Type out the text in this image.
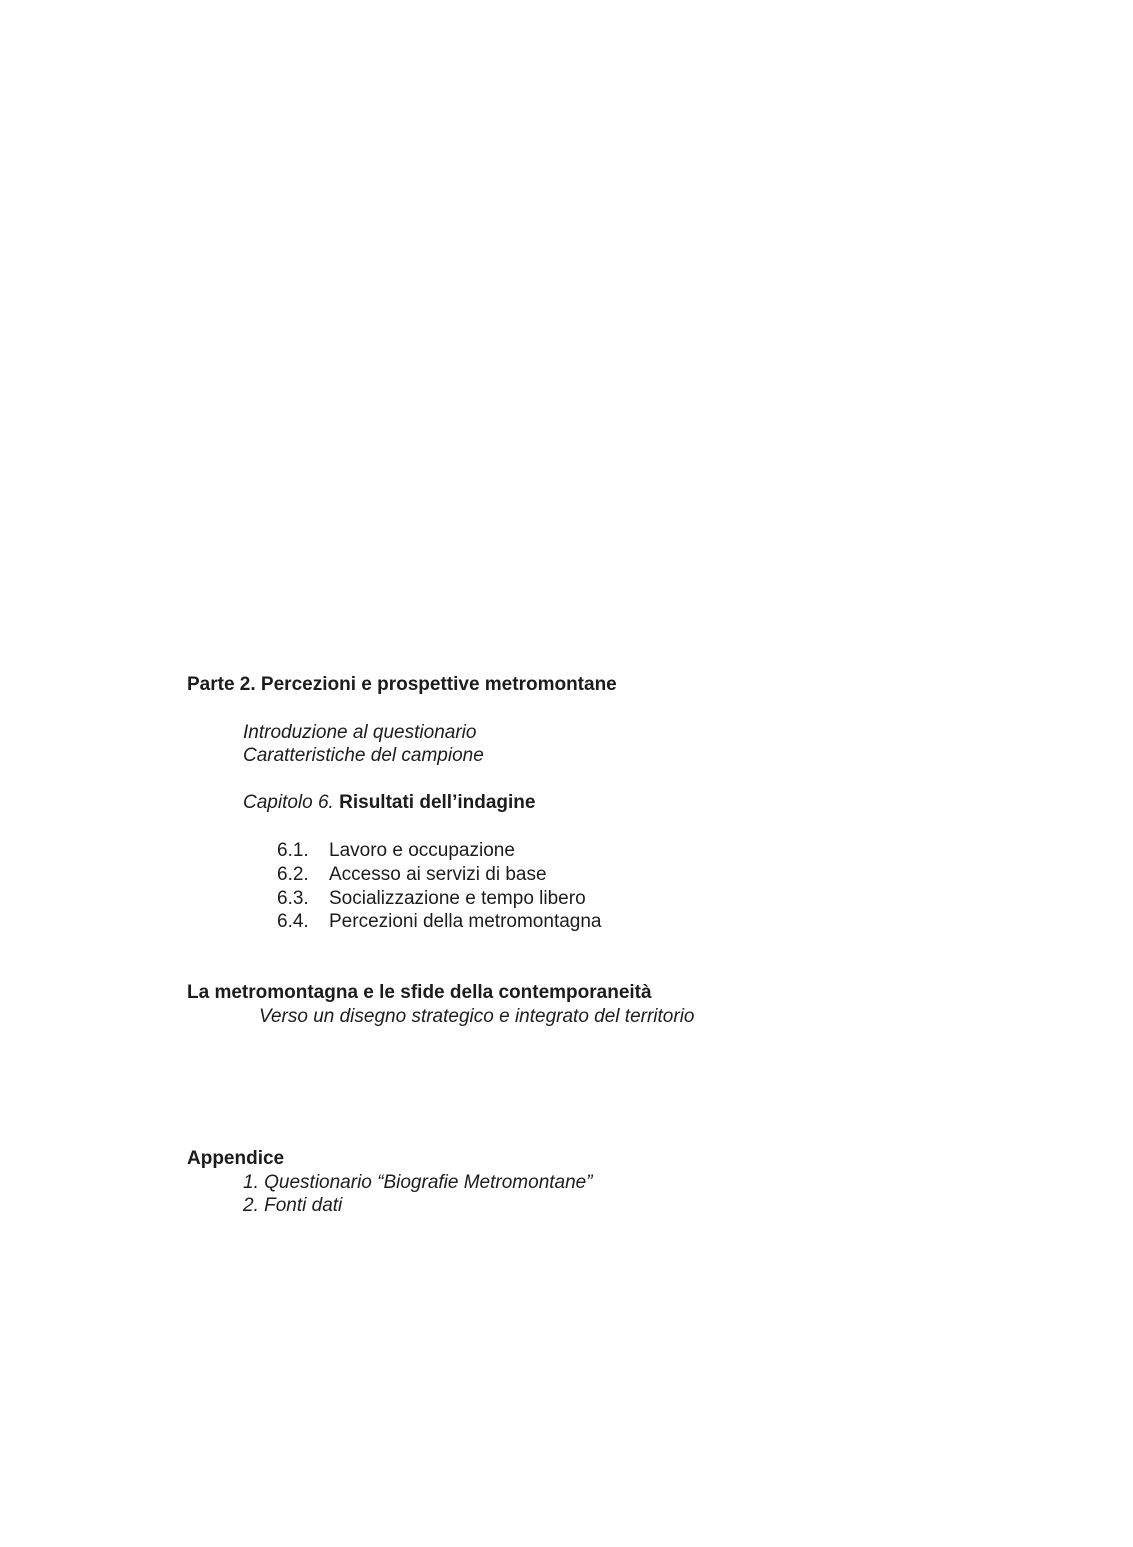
Parte 2. Percezioni e prospettive metromontane
Introduzione al questionario
Caratteristiche del campione
Capitolo 6. Risultati dell’indagine
6.1. Lavoro e occupazione
6.2. Accesso ai servizi di base
6.3. Socializzazione e tempo libero
6.4. Percezioni della metromontagna
La metromontagna e le sfide della contemporaneità
Verso un disegno strategico e integrato del territorio
Appendice
1. Questionario “Biografie Metromontane”
2. Fonti dati
